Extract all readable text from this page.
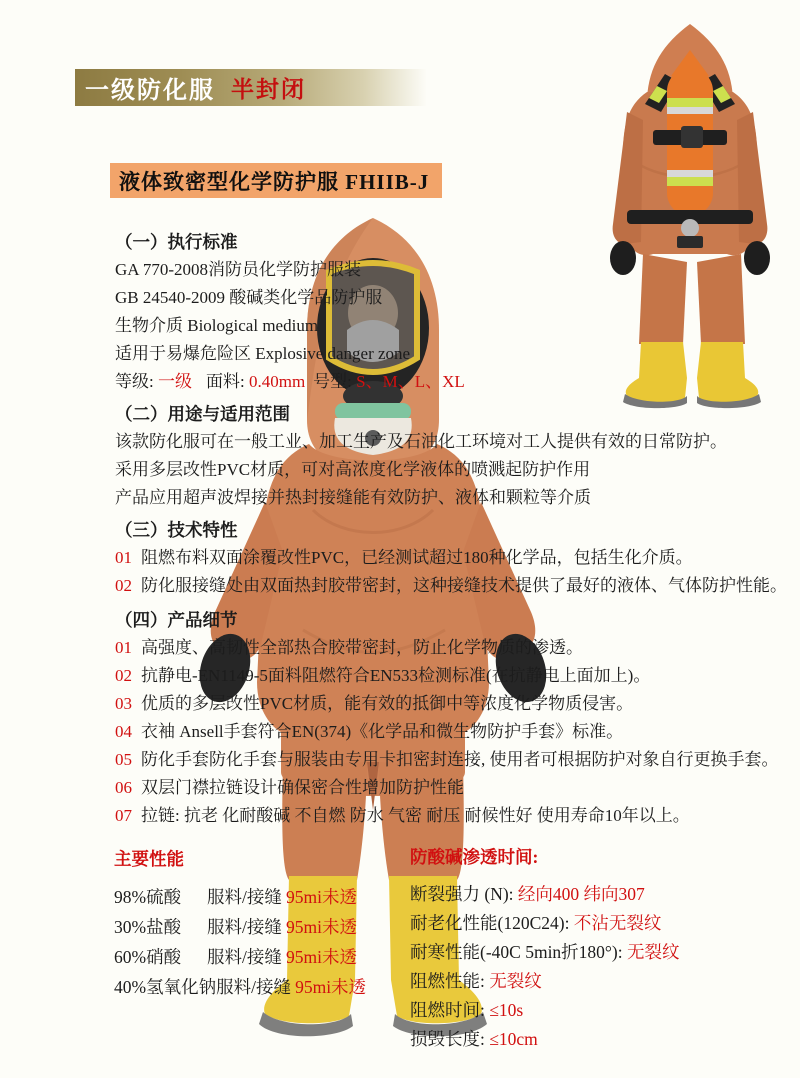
一级防化服 半封闭
液体致密型化学防护服 FHIIB-J
（一）执行标准
GA 770-2008消防员化学防护服装
GB 24540-2009 酸碱类化学品防护服
生物介质 Biological medium
适用于易爆危险区 Explosive danger zone
等级: 一级 面料: 0.40mm 号型: S、M、L、XL
（二）用途与适用范围
该款防化服可在一般工业、加工生产及石油化工环境对工人提供有效的日常防护。
采用多层改性PVC材质，可对高浓度化学液体的喷溅起防护作用
产品应用超声波焊接并热封接缝能有效防护、液体和颗粒等介质
（三）技术特性
01 阻燃布料双面涂覆改性PVC，已经测试超过180种化学品，包括生化介质。
02 防化服接缝处由双面热封胶带密封，这种接缝技术提供了最好的液体、气体防护性能。
（四）产品细节
01 高强度、高韧性全部热合胶带密封，防止化学物质的渗透。
02 抗静电-EN1149-5面料阻燃符合EN533检测标准(在抗静电上面加上)。
03 优质的多层改性PVC材质，能有效的抵御中等浓度化学物质侵害。
04 衣袖 Ansell手套符合EN(374)《化学品和微生物防护手套》标准。
05 防化手套防化手套与服装由专用卡扣密封连接, 使用者可根据防护对象自行更换手套。
06 双层门襟拉链设计确保密合性增加防护性能
07 拉链: 抗老 化耐酸碱 不自燃 防水 气密 耐压 耐候性好 使用寿命10年以上。
主要性能
98%硫酸 服料/接缝 95mi未透
30%盐酸 服料/接缝 95mi未透
60%硝酸 服料/接缝 95mi未透
40%氢氧化钠服料/接缝 95mi未透
防酸碱渗透时间:
断裂强力 (N): 经向400 纬向307
耐老化性能(120C24): 不沾无裂纹
耐寒性能(-40C 5min折180°): 无裂纹
阻燃性能: 无裂纹
阻燃时间: ≤10s
损毁长度: ≤10cm
